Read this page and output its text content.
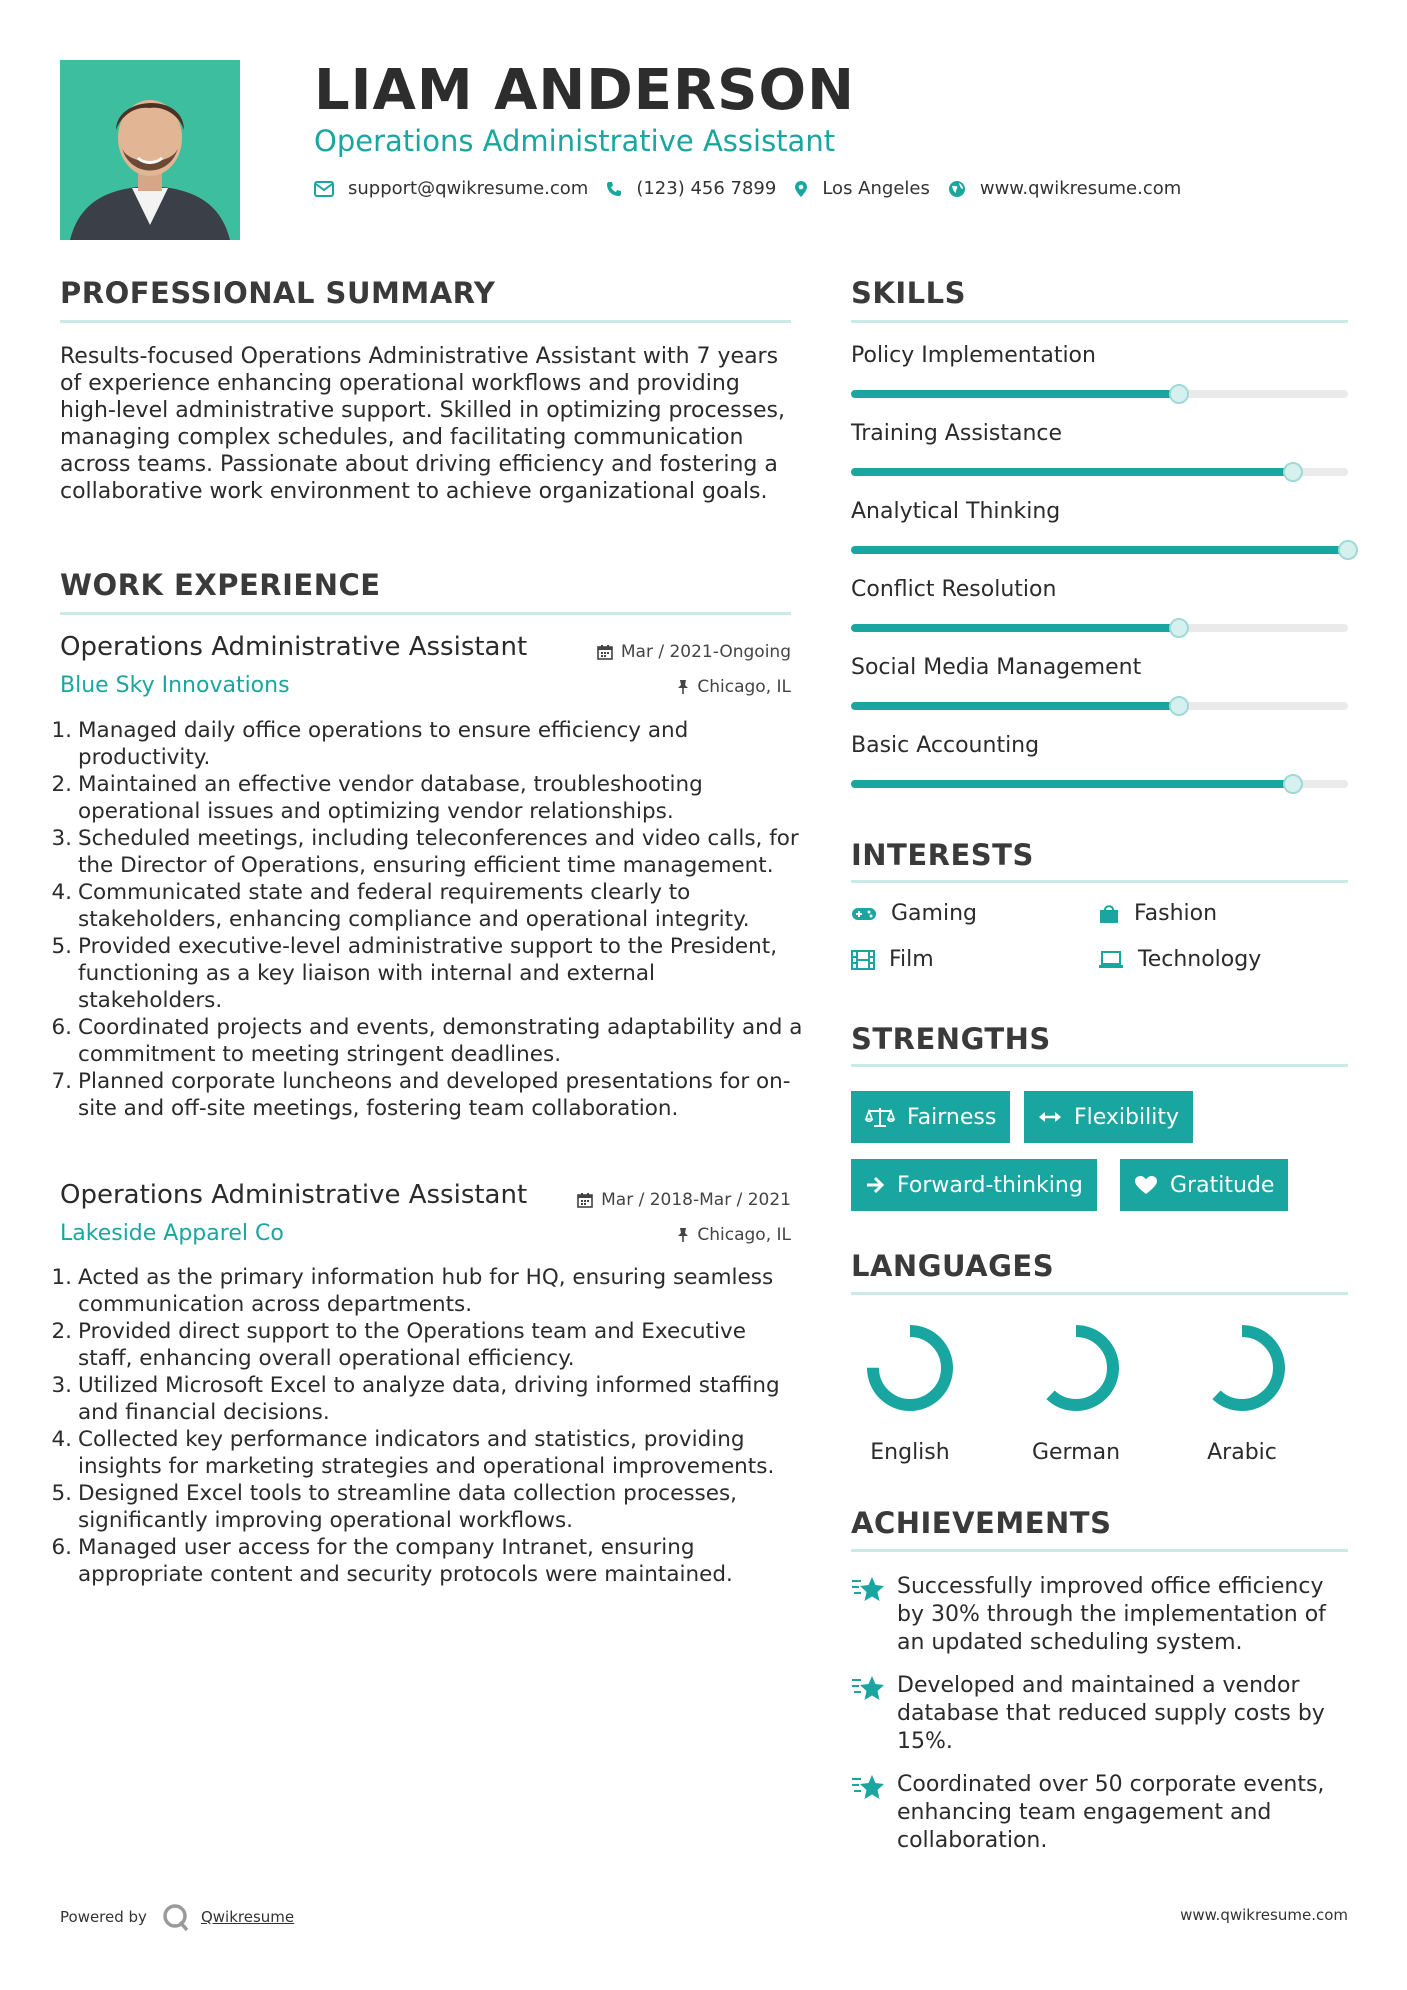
LIAM ANDERSON
Operations Administrative Assistant
support@qwikresume.com	(123) 456 7899	Los Angeles	www.qwikresume.com
PROFESSIONAL SUMMARY
Results-focused Operations Administrative Assistant with 7 years of experience enhancing operational workflows and providing high-level administrative support. Skilled in optimizing processes, managing complex schedules, and facilitating communication across teams. Passionate about driving efficiency and fostering a collaborative work environment to achieve organizational goals.
WORK EXPERIENCE
Operations Administrative Assistant	Mar / 2021-Ongoing
Blue Sky Innovations	Chicago, IL
1. Managed daily office operations to ensure efficiency and productivity.
2. Maintained an effective vendor database, troubleshooting operational issues and optimizing vendor relationships.
3. Scheduled meetings, including teleconferences and video calls, for the Director of Operations, ensuring efficient time management.
4. Communicated state and federal requirements clearly to stakeholders, enhancing compliance and operational integrity.
5. Provided executive-level administrative support to the President, functioning as a key liaison with internal and external stakeholders.
6. Coordinated projects and events, demonstrating adaptability and a commitment to meeting stringent deadlines.
7. Planned corporate luncheons and developed presentations for on-site and off-site meetings, fostering team collaboration.
Operations Administrative Assistant	Mar / 2018-Mar / 2021
Lakeside Apparel Co	Chicago, IL
1. Acted as the primary information hub for HQ, ensuring seamless communication across departments.
2. Provided direct support to the Operations team and Executive staff, enhancing overall operational efficiency.
3. Utilized Microsoft Excel to analyze data, driving informed staffing and financial decisions.
4. Collected key performance indicators and statistics, providing insights for marketing strategies and operational improvements.
5. Designed Excel tools to streamline data collection processes, significantly improving operational workflows.
6. Managed user access for the company Intranet, ensuring appropriate content and security protocols were maintained.
SKILLS
Policy Implementation
Training Assistance
Analytical Thinking
Conflict Resolution
Social Media Management
Basic Accounting
INTERESTS
Gaming	Fashion
Film	Technology
STRENGTHS
Fairness	Flexibility
Forward-thinking	Gratitude
LANGUAGES
English	German	Arabic
ACHIEVEMENTS
Successfully improved office efficiency by 30% through the implementation of an updated scheduling system.
Developed and maintained a vendor database that reduced supply costs by 15%.
Coordinated over 50 corporate events, enhancing team engagement and collaboration.
Powered by	Qwikresume	www.qwikresume.com
